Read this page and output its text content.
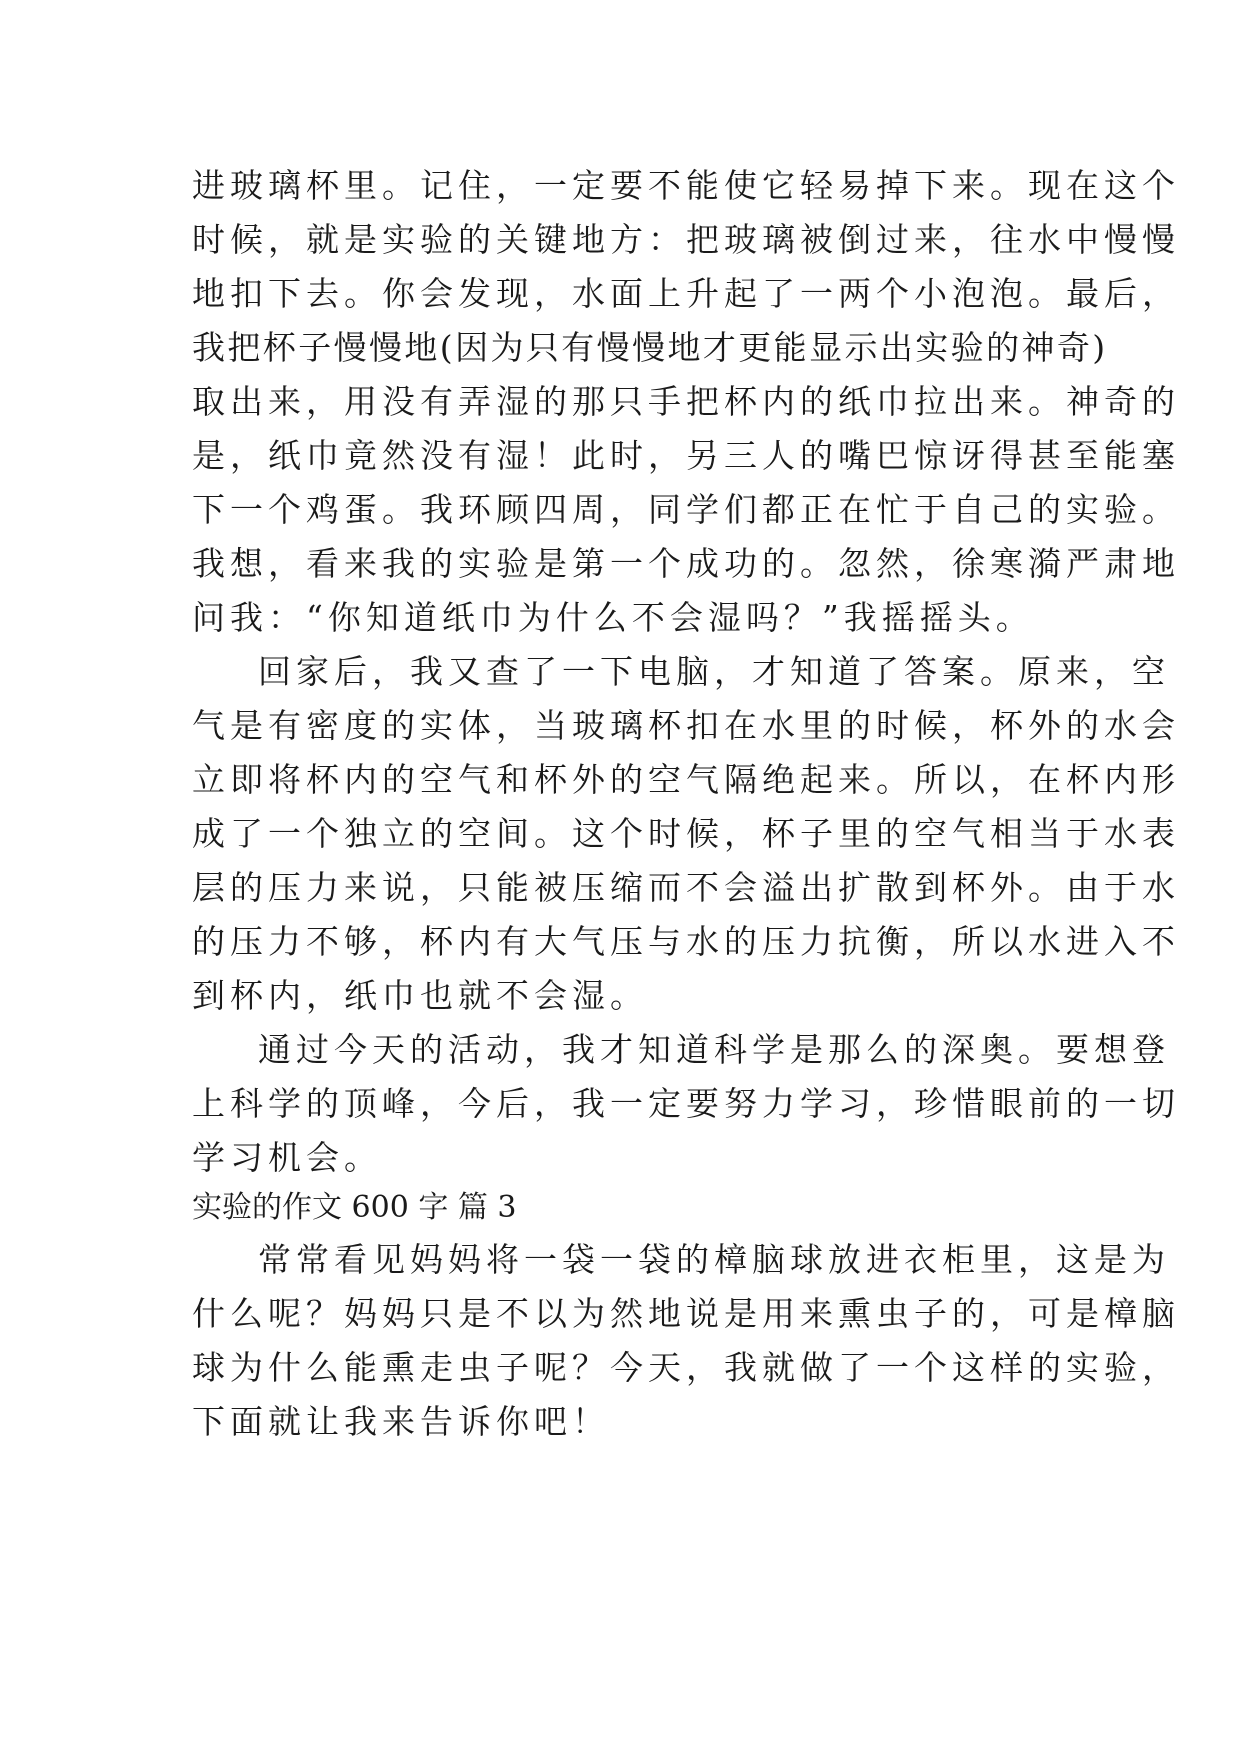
进玻璃杯里。记住，一定要不能使它轻易掉下来。现在这个
时候，就是实验的关键地方：把玻璃被倒过来，往水中慢慢
地扣下去。你会发现，水面上升起了一两个小泡泡。最后，
我把杯子慢慢地(因为只有慢慢地才更能显示出实验的神奇)
取出来，用没有弄湿的那只手把杯内的纸巾拉出来。神奇的
是，纸巾竟然没有湿！此时，另三人的嘴巴惊讶得甚至能塞
下一个鸡蛋。我环顾四周，同学们都正在忙于自己的实验。
我想，看来我的实验是第一个成功的。忽然，徐寒漪严肃地
问我：“你知道纸巾为什么不会湿吗？”我摇摇头。
回家后，我又查了一下电脑，才知道了答案。原来，空
气是有密度的实体，当玻璃杯扣在水里的时候，杯外的水会
立即将杯内的空气和杯外的空气隔绝起来。所以，在杯内形
成了一个独立的空间。这个时候，杯子里的空气相当于水表
层的压力来说，只能被压缩而不会溢出扩散到杯外。由于水
的压力不够，杯内有大气压与水的压力抗衡，所以水进入不
到杯内，纸巾也就不会湿。
通过今天的活动，我才知道科学是那么的深奥。要想登
上科学的顶峰，今后，我一定要努力学习，珍惜眼前的一切
学习机会。
实验的作文 600 字 篇 3
常常看见妈妈将一袋一袋的樟脑球放进衣柜里，这是为
什么呢？妈妈只是不以为然地说是用来熏虫子的，可是樟脑
球为什么能熏走虫子呢？今天，我就做了一个这样的实验，
下面就让我来告诉你吧！
